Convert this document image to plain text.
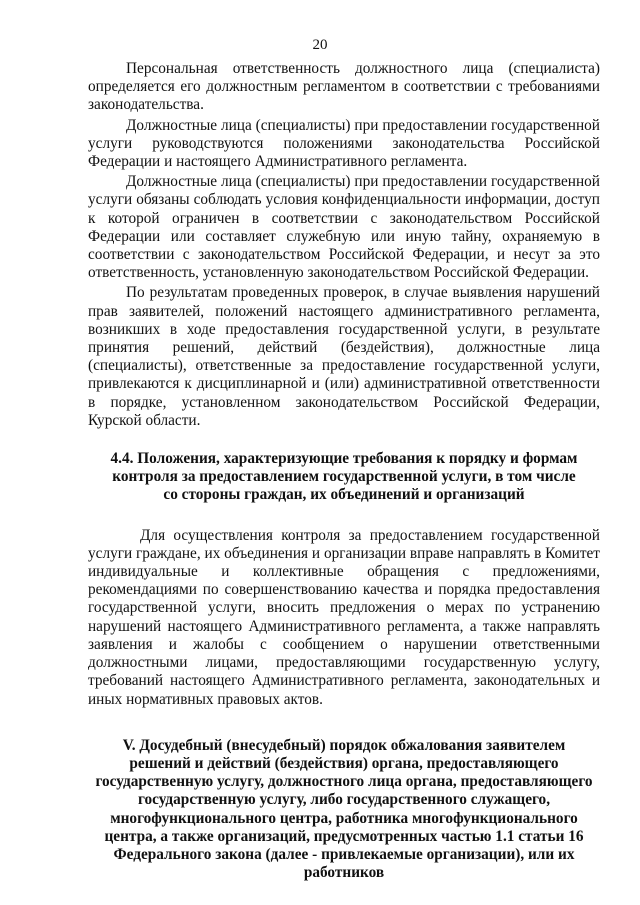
20

Персональная ответственность должностного лица (специалиста) определяется его должностным регламентом в соответствии с требованиями законодательства.

Должностные лица (специалисты) при предоставлении государственной услуги руководствуются положениями законодательства Российской Федерации и настоящего Административного регламента.

Должностные лица (специалисты) при предоставлении государственной услуги обязаны соблюдать условия конфиденциальности информации, доступ к которой ограничен в соответствии с законодательством Российской Федерации или составляет служебную или иную тайну, охраняемую в соответствии с законодательством Российской Федерации, и несут за это ответственность, установленную законодательством Российской Федерации.

По результатам проведенных проверок, в случае выявления нарушений прав заявителей, положений настоящего административного регламента, возникших в ходе предоставления государственной услуги, в результате принятия решений, действий (бездействия), должностные лица (специалисты), ответственные за предоставление государственной услуги, привлекаются к дисциплинарной и (или) административной ответственности в порядке, установленном законодательством Российской Федерации, Курской области.

4.4. Положения, характеризующие требования к порядку и формам контроля за предоставлением государственной услуги, в том числе со стороны граждан, их объединений и организаций

Для осуществления контроля за предоставлением государственной услуги граждане, их объединения и организации вправе направлять в Комитет индивидуальные и коллективные обращения с предложениями, рекомендациями по совершенствованию качества и порядка предоставления государственной услуги, вносить предложения о мерах по устранению нарушений настоящего Административного регламента, а также направлять заявления и жалобы с сообщением о нарушении ответственными должностными лицами, предоставляющими государственную услугу, требований настоящего Административного регламента, законодательных и иных нормативных правовых актов.

V. Досудебный (внесудебный) порядок обжалования заявителем решений и действий (бездействия) органа, предоставляющего государственную услугу, должностного лица органа, предоставляющего государственную услугу, либо государственного служащего, многофункционального центра, работника многофункционального центра, а также организаций, предусмотренных частью 1.1 статьи 16 Федерального закона (далее - привлекаемые организации), или их работников
